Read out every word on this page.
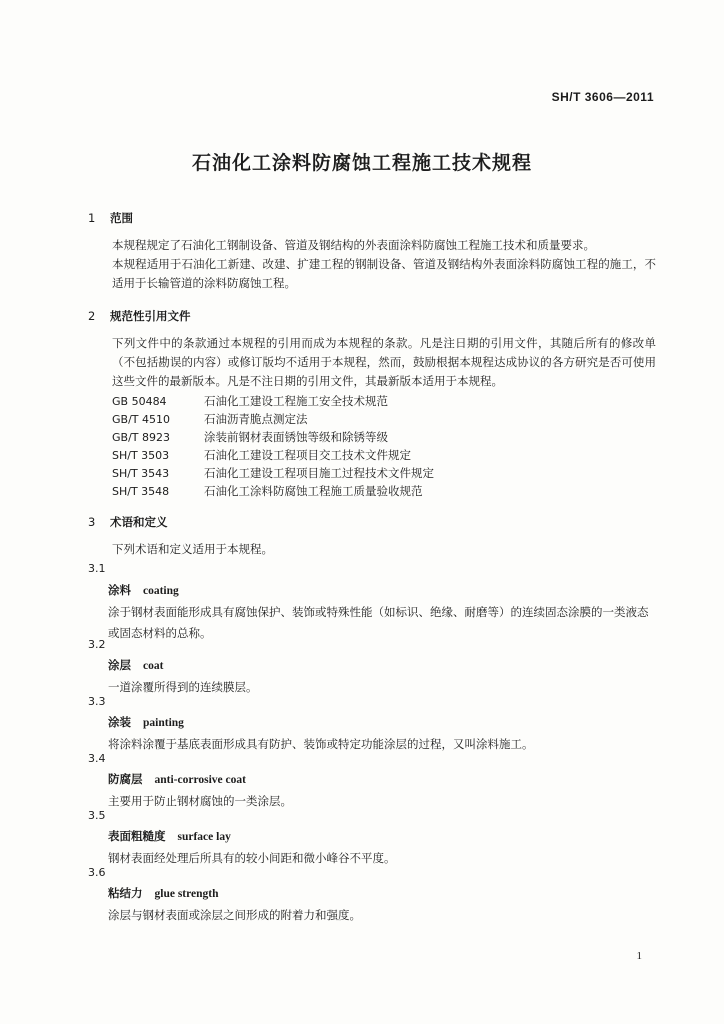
SH/T 3606—2011
石油化工涂料防腐蚀工程施工技术规程
1 范围
本规程规定了石油化工钢制设备、管道及钢结构的外表面涂料防腐蚀工程施工技术和质量要求。
本规程适用于石油化工新建、改建、扩建工程的钢制设备、管道及钢结构外表面涂料防腐蚀工程的施工，不适用于长输管道的涂料防腐蚀工程。
2 规范性引用文件
下列文件中的条款通过本规程的引用而成为本规程的条款。凡是注日期的引用文件，其随后所有的修改单（不包括勘误的内容）或修订版均不适用于本规程，然而，鼓励根据本规程达成协议的各方研究是否可使用这些文件的最新版本。凡是不注日期的引用文件，其最新版本适用于本规程。
GB 50484	石油化工建设工程施工安全技术规范
GB/T 4510	石油沥青脆点测定法
GB/T 8923	涂装前钢材表面锈蚀等级和除锈等级
SH/T 3503	石油化工建设工程项目交工技术文件规定
SH/T 3543	石油化工建设工程项目施工过程技术文件规定
SH/T 3548	石油化工涂料防腐蚀工程施工质量验收规范
3 术语和定义
下列术语和定义适用于本规程。
3.1
涂料 coating
涂于钢材表面能形成具有腐蚀保护、装饰或特殊性能（如标识、绝缘、耐磨等）的连续固态涂膜的一类液态或固态材料的总称。
3.2
涂层 coat
一道涂覆所得到的连续膜层。
3.3
涂装 painting
将涂料涂覆于基底表面形成具有防护、装饰或特定功能涂层的过程，又叫涂料施工。
3.4
防腐层 anti-corrosive coat
主要用于防止钢材腐蚀的一类涂层。
3.5
表面粗糙度 surface lay
钢材表面经处理后所具有的较小间距和微小峰谷不平度。
3.6
粘结力 glue strength
涂层与钢材表面或涂层之间形成的附着力和强度。
1
